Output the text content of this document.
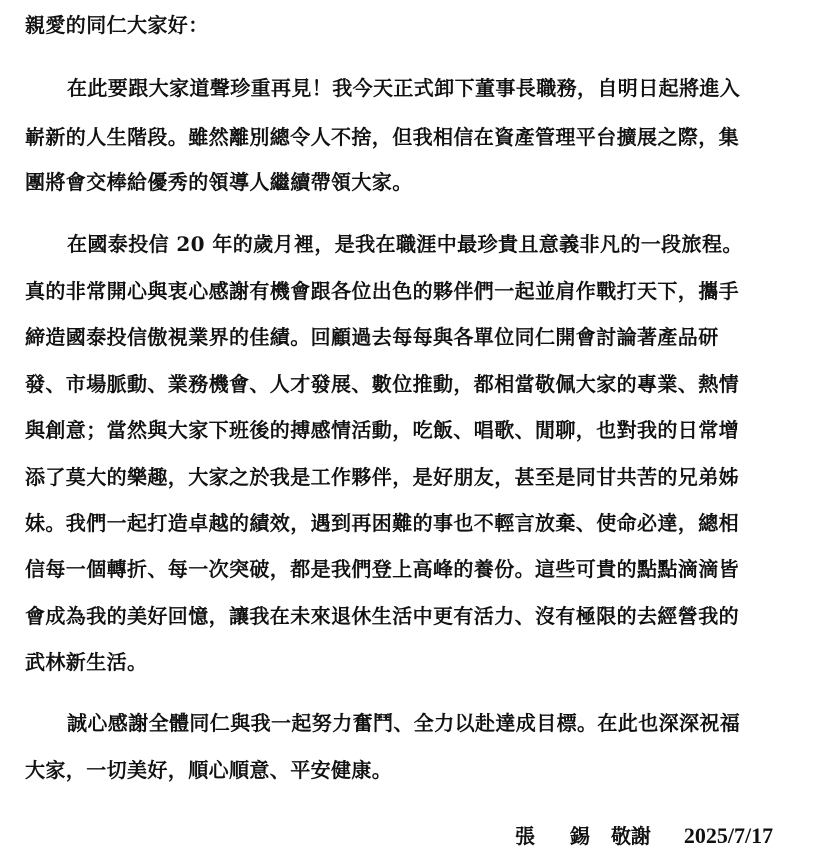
親愛的同仁大家好：
在此要跟大家道聲珍重再見！我今天正式卸下董事長職務，自明日起將進入
嶄新的人生階段。雖然離別總令人不捨，但我相信在資產管理平台擴展之際，集
團將會交棒給優秀的領導人繼續帶領大家。
在國泰投信 20 年的歲月裡，是我在職涯中最珍貴且意義非凡的一段旅程。
真的非常開心與衷心感謝有機會跟各位出色的夥伴們一起並肩作戰打天下，攜手
締造國泰投信傲視業界的佳績。回顧過去每每與各單位同仁開會討論著產品研
發、市場脈動、業務機會、人才發展、數位推動，都相當敬佩大家的專業、熱情
與創意；當然與大家下班後的搏感情活動，吃飯、唱歌、閒聊，也對我的日常增
添了莫大的樂趣，大家之於我是工作夥伴，是好朋友，甚至是同甘共苦的兄弟姊
妹。我們一起打造卓越的績效，遇到再困難的事也不輕言放棄、使命必達，總相
信每一個轉折、每一次突破，都是我們登上高峰的養份。這些可貴的點點滴滴皆
會成為我的美好回憶，讓我在未來退休生活中更有活力、沒有極限的去經營我的
武林新生活。
誠心感謝全體同仁與我一起努力奮鬥、全力以赴達成目標。在此也深深祝福
大家，一切美好，順心順意、平安健康。
張 錫 敬謝 2025/7/17
